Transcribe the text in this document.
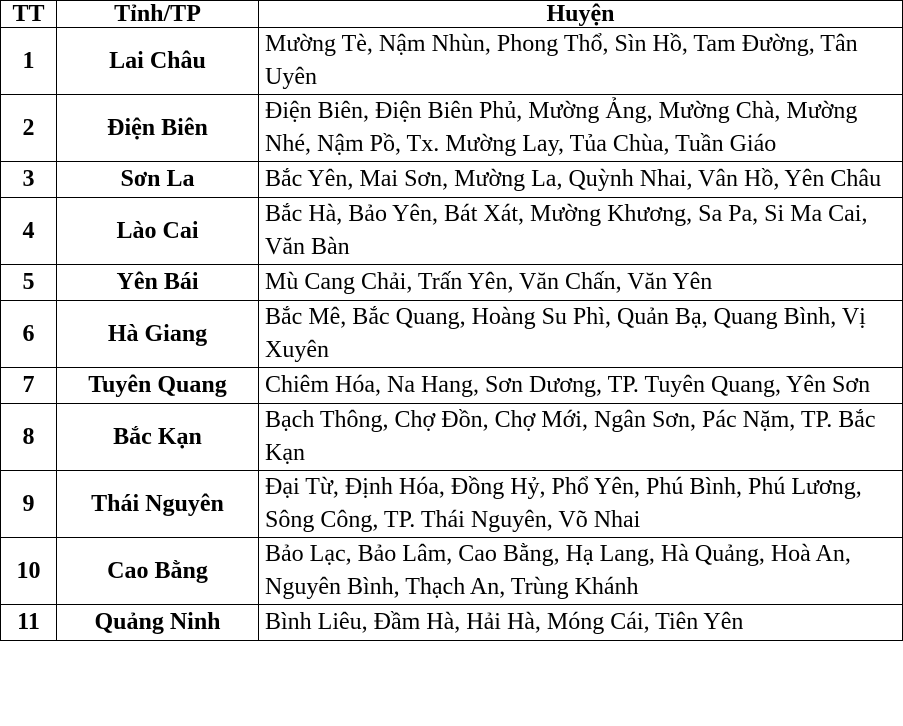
TT	Tỉnh/TP	Huyện
1	Lai Châu	Mường Tè, Nậm Nhùn, Phong Thổ, Sìn Hồ, Tam Đường, Tân Uyên
2	Điện Biên	Điện Biên, Điện Biên Phủ, Mường Ảng, Mường Chà, Mường Nhé, Nậm Pồ, Tx. Mường Lay, Tủa Chùa, Tuần Giáo
3	Sơn La	Bắc Yên, Mai Sơn, Mường La, Quỳnh Nhai, Vân Hồ, Yên Châu
4	Lào Cai	Bắc Hà, Bảo Yên, Bát Xát, Mường Khương, Sa Pa, Si Ma Cai, Văn Bàn
5	Yên Bái	Mù Cang Chải, Trấn Yên, Văn Chấn, Văn Yên
6	Hà Giang	Bắc Mê, Bắc Quang, Hoàng Su Phì, Quản Bạ, Quang Bình, Vị Xuyên
7	Tuyên Quang	Chiêm Hóa, Na Hang, Sơn Dương, TP. Tuyên Quang, Yên Sơn
8	Bắc Kạn	Bạch Thông, Chợ Đồn, Chợ Mới, Ngân Sơn, Pác Nặm, TP. Bắc Kạn
9	Thái Nguyên	Đại Từ, Định Hóa, Đồng Hỷ, Phổ Yên, Phú Bình, Phú Lương, Sông Công, TP. Thái Nguyên, Võ Nhai
10	Cao Bằng	Bảo Lạc, Bảo Lâm, Cao Bằng, Hạ Lang, Hà Quảng, Hoà An, Nguyên Bình, Thạch An, Trùng Khánh
11	Quảng Ninh	Bình Liêu, Đầm Hà, Hải Hà, Móng Cái, Tiên Yên
